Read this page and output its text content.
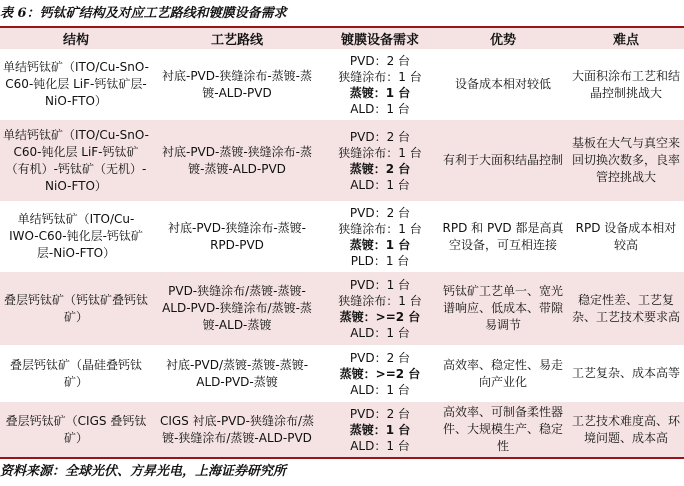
表 6：钙钛矿结构及对应工艺路线和镀膜设备需求
结构	工艺路线	镀膜设备需求	优势	难点
单结钙钛矿（ITO/Cu-SnO-C60-钝化层 LiF-钙钛矿层-NiO-FTO）	衬底-PVD-狭缝涂布-蒸镀-蒸镀-ALD-PVD	PVD：2 台
狭缝涂布：1 台
蒸镀：1 台
ALD：1 台	设备成本相对较低	大面积涂布工艺和结晶控制挑战大
单结钙钛矿（ITO/Cu-SnO-C60-钝化层 LiF-钙钛矿（有机）-钙钛矿（无机）-NiO-FTO）	衬底-PVD-蒸镀-狭缝涂布-蒸镀-蒸镀-ALD-PVD	PVD：2 台
狭缝涂布：1 台
蒸镀：2 台
ALD：1 台	有利于大面积结晶控制	基板在大气与真空来回切换次数多，良率管控挑战大
单结钙钛矿（ITO/Cu-IWO-C60-钝化层-钙钛矿层-NiO-FTO）	衬底-PVD-狭缝涂布-蒸镀-RPD-PVD	PVD：2 台
狭缝涂布：1 台
蒸镀：1 台
PLD：1 台	RPD 和 PVD 都是高真空设备，可互相连接	RPD 设备成本相对较高
叠层钙钛矿（钙钛矿叠钙钛矿）	PVD-狭缝涂布/蒸镀-蒸镀-ALD-PVD-狭缝涂布/蒸镀-蒸镀-ALD-蒸镀	PVD：1 台
狭缝涂布：1 台
蒸镀：>=2 台
ALD：1 台	钙钛矿工艺单一、宽光谱响应、低成本、带隙易调节	稳定性差、工艺复杂、工艺技术要求高
叠层钙钛矿（晶硅叠钙钛矿）	衬底-PVD/蒸镀-蒸镀-蒸镀-ALD-PVD-蒸镀	PVD：2 台
蒸镀：>=2 台
ALD：1 台	高效率、稳定性、易走向产业化	工艺复杂、成本高等
叠层钙钛矿（CIGS 叠钙钛矿）	CIGS 衬底-PVD-狭缝涂布/蒸镀-狭缝涂布/蒸镀-ALD-PVD	PVD：2 台
蒸镀：1 台
ALD：1 台	高效率、可制备柔性器件、大规模生产、稳定性	工艺技术难度高、环境问题、成本高
资料来源：全球光伏、方昇光电，上海证券研究所
